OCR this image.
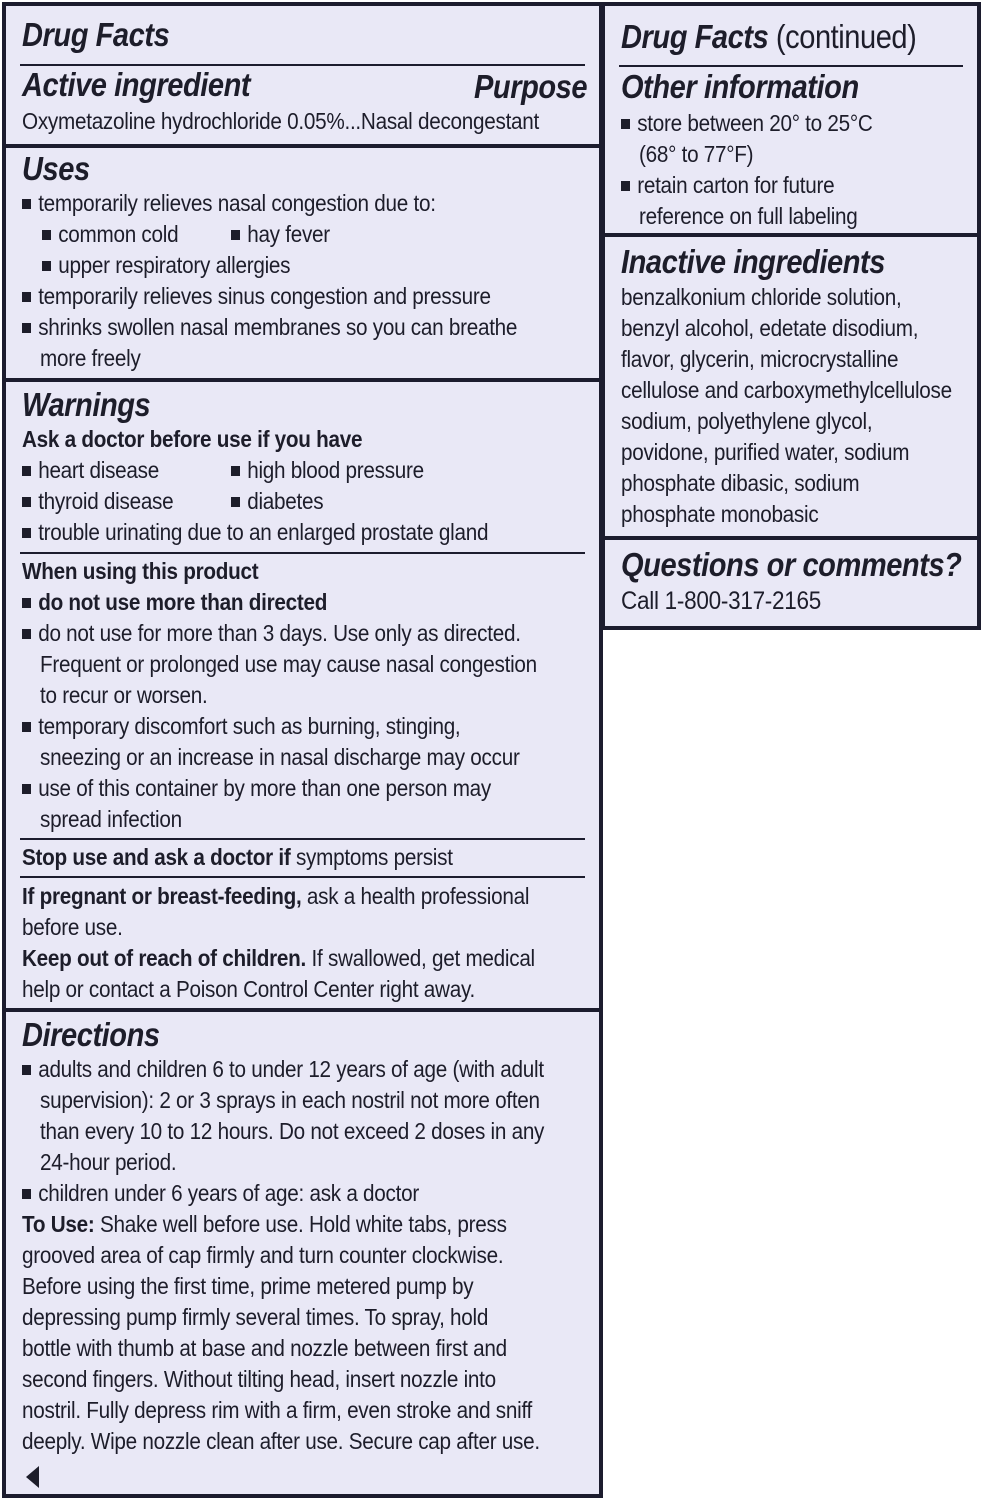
Drug Facts
Active ingredient	Purpose
Oxymetazoline hydrochloride 0.05%...Nasal decongestant
Uses
temporarily relieves nasal congestion due to:
common cold	hay fever
upper respiratory allergies
temporarily relieves sinus congestion and pressure
shrinks swollen nasal membranes so you can breathe
more freely
Warnings
Ask a doctor before use if you have
heart disease	high blood pressure
thyroid disease	diabetes
trouble urinating due to an enlarged prostate gland
When using this product
do not use more than directed
do not use for more than 3 days. Use only as directed.
Frequent or prolonged use may cause nasal congestion
to recur or worsen.
temporary discomfort such as burning, stinging,
sneezing or an increase in nasal discharge may occur
use of this container by more than one person may
spread infection
Stop use and ask a doctor if symptoms persist
If pregnant or breast-feeding, ask a health professional
before use.
Keep out of reach of children. If swallowed, get medical
help or contact a Poison Control Center right away.
Directions
adults and children 6 to under 12 years of age (with adult
supervision): 2 or 3 sprays in each nostril not more often
than every 10 to 12 hours. Do not exceed 2 doses in any
24-hour period.
children under 6 years of age: ask a doctor
To Use: Shake well before use. Hold white tabs, press
grooved area of cap firmly and turn counter clockwise.
Before using the first time, prime metered pump by
depressing pump firmly several times. To spray, hold
bottle with thumb at base and nozzle between first and
second fingers. Without tilting head, insert nozzle into
nostril. Fully depress rim with a firm, even stroke and sniff
deeply. Wipe nozzle clean after use. Secure cap after use.
Drug Facts (continued)
Other information
store between 20° to 25°C
(68° to 77°F)
retain carton for future
reference on full labeling
Inactive ingredients
benzalkonium chloride solution,
benzyl alcohol, edetate disodium,
flavor, glycerin, microcrystalline
cellulose and carboxymethylcellulose
sodium, polyethylene glycol,
povidone, purified water, sodium
phosphate dibasic, sodium
phosphate monobasic
Questions or comments?
Call 1-800-317-2165
